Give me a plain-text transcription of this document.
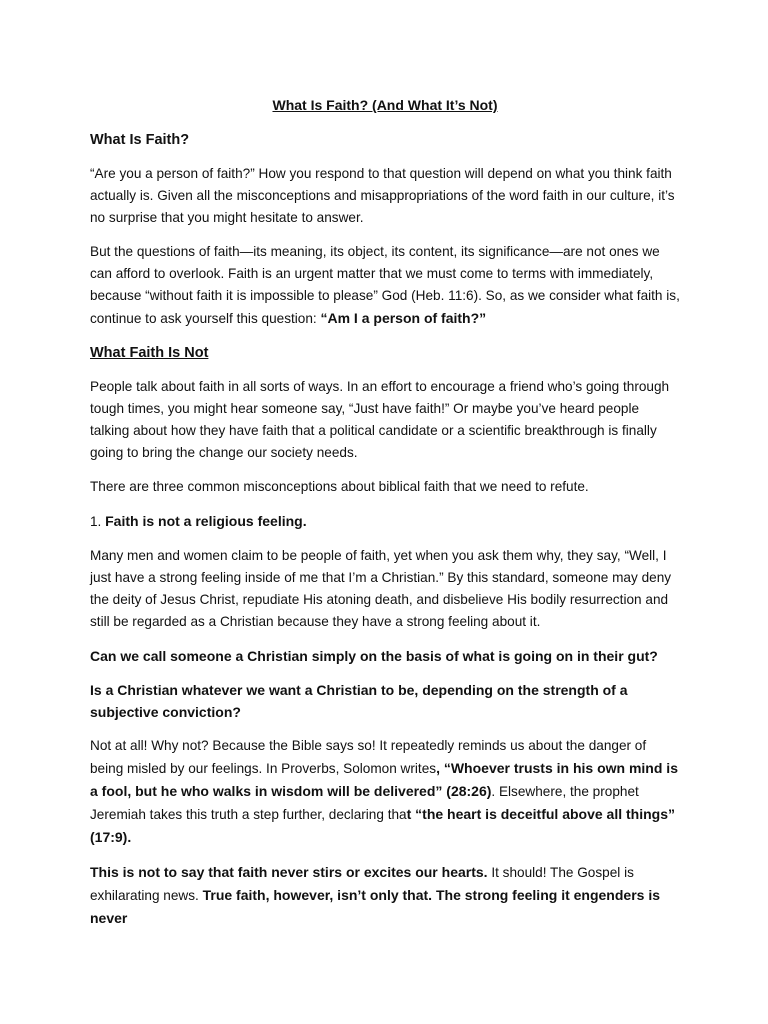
What Is Faith? (And What It’s Not)
What Is Faith?

“Are you a person of faith?” How you respond to that question will depend on what you think faith actually is. Given all the misconceptions and misappropriations of the word faith in our culture, it’s no surprise that you might hesitate to answer.

But the questions of faith—its meaning, its object, its content, its significance—are not ones we can afford to overlook. Faith is an urgent matter that we must come to terms with immediately, because “without faith it is impossible to please” God (Heb. 11:6). So, as we consider what faith is, continue to ask yourself this question: “Am I a person of faith?”

What Faith Is Not

People talk about faith in all sorts of ways. In an effort to encourage a friend who’s going through tough times, you might hear someone say, “Just have faith!” Or maybe you’ve heard people talking about how they have faith that a political candidate or a scientific breakthrough is finally going to bring the change our society needs.

There are three common misconceptions about biblical faith that we need to refute.

1. Faith is not a religious feeling.

Many men and women claim to be people of faith, yet when you ask them why, they say, “Well, I just have a strong feeling inside of me that I’m a Christian.” By this standard, someone may deny the deity of Jesus Christ, repudiate His atoning death, and disbelieve His bodily resurrection and still be regarded as a Christian because they have a strong feeling about it.

Can we call someone a Christian simply on the basis of what is going on in their gut?
Is a Christian whatever we want a Christian to be, depending on the strength of a subjective conviction?

Not at all! Why not? Because the Bible says so! It repeatedly reminds us about the danger of being misled by our feelings. In Proverbs, Solomon writes, “Whoever trusts in his own mind is a fool, but he who walks in wisdom will be delivered” (28:26). Elsewhere, the prophet Jeremiah takes this truth a step further, declaring that “the heart is deceitful above all things” (17:9).

This is not to say that faith never stirs or excites our hearts. It should! The Gospel is exhilarating news. True faith, however, isn’t only that. The strong feeling it engenders is never
